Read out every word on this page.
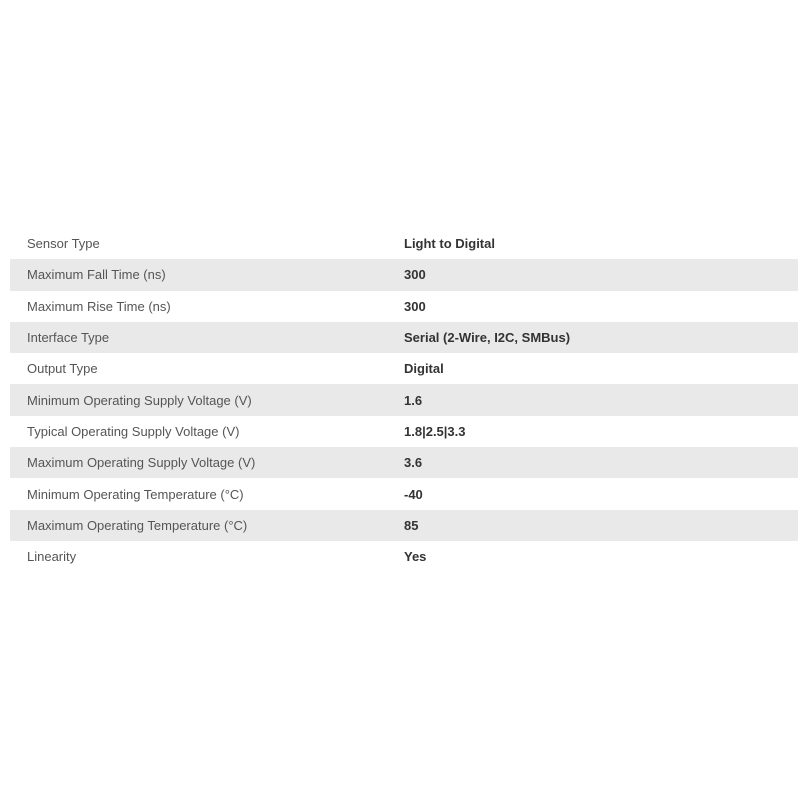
Sensor Type	Light to Digital
Maximum Fall Time (ns)	300
Maximum Rise Time (ns)	300
Interface Type	Serial (2-Wire, I2C, SMBus)
Output Type	Digital
Minimum Operating Supply Voltage (V)	1.6
Typical Operating Supply Voltage (V)	1.8|2.5|3.3
Maximum Operating Supply Voltage (V)	3.6
Minimum Operating Temperature (°C)	-40
Maximum Operating Temperature (°C)	85
Linearity	Yes
